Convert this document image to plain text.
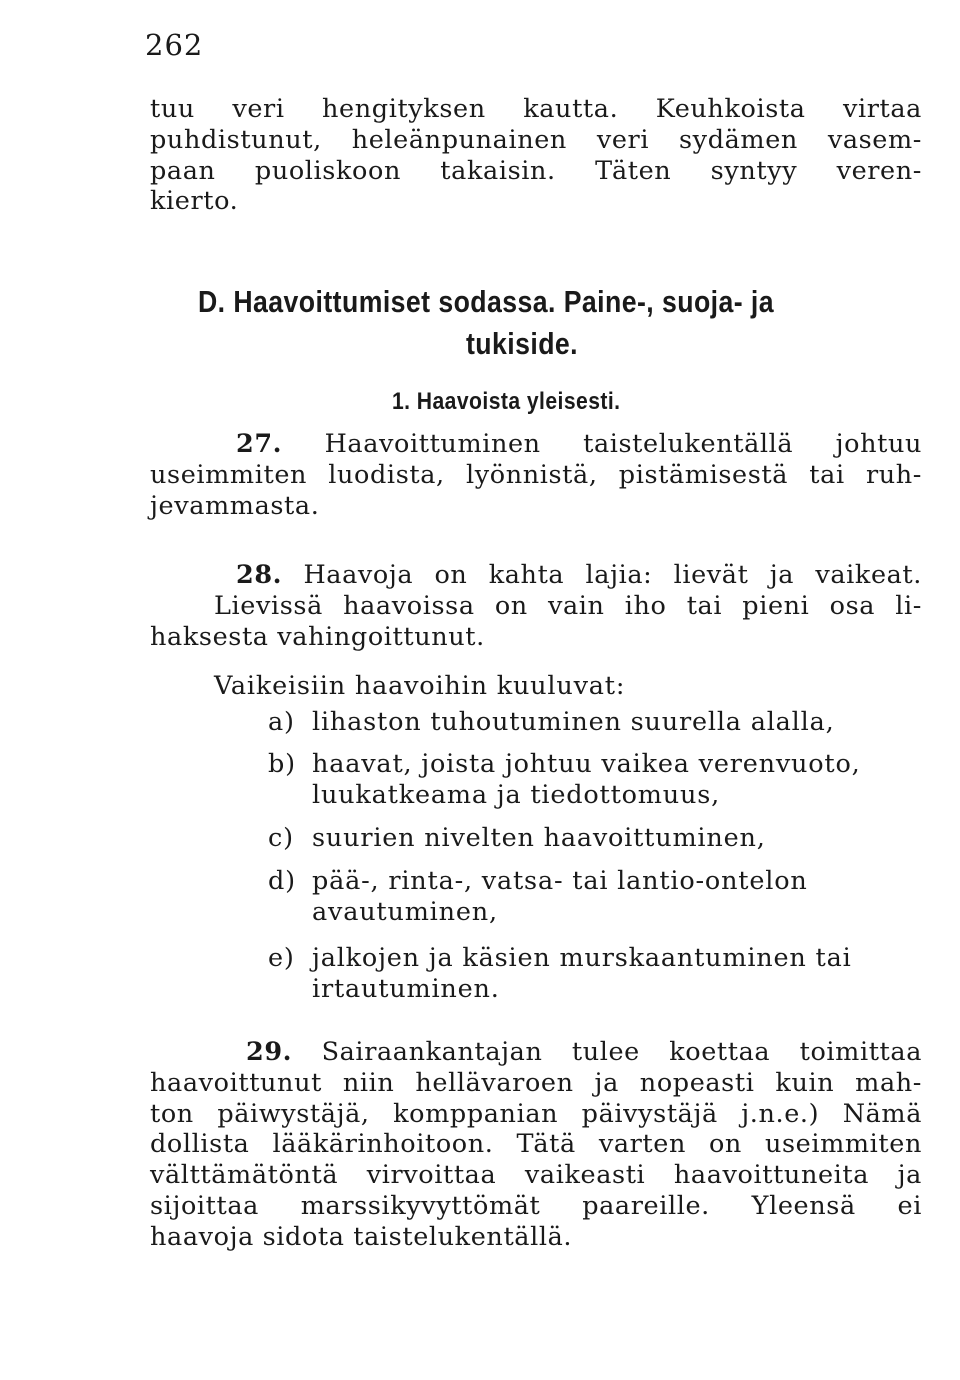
262
tuu veri hengityksen kautta. Keuhkoista virtaa
puhdistunut, heleänpunainen veri sydämen vasem-
paan puoliskoon takaisin. Täten syntyy veren-
kierto.
D. Haavoittumiset sodassa. Paine-, suoja- ja
tukiside.
1. Haavoista yleisesti.
27. Haavoittuminen taistelukentällä johtuu
useimmiten luodista, lyönnistä, pistämisestä tai ruh-
jevammasta.
28. Haavoja on kahta lajia: lievät ja vaikeat.
Lievissä haavoissa on vain iho tai pieni osa li-
haksesta vahingoittunut.
Vaikeisiin haavoihin kuuluvat:
a) lihaston tuhoutuminen suurella alalla,
b) haavat, joista johtuu vaikea verenvuoto,
luukatkeama ja tiedottomuus,
c) suurien nivelten haavoittuminen,
d) pää-, rinta-, vatsa- tai lantio-ontelon
avautuminen,
e) jalkojen ja käsien murskaantuminen tai
irtautuminen.
29. Sairaankantajan tulee koettaa toimittaa
haavoittunut niin hellävaroen ja nopeasti kuin mah-
ton päiwystäjä, komppanian päivystäjä j.n.e.) Nämä
dollista lääkärinhoitoon. Tätä varten on useimmiten
välttämätöntä virvoittaa vaikeasti haavoittuneita ja
sijoittaa marssikyvyttömät paareille. Yleensä ei
haavoja sidota taistelukentällä.
